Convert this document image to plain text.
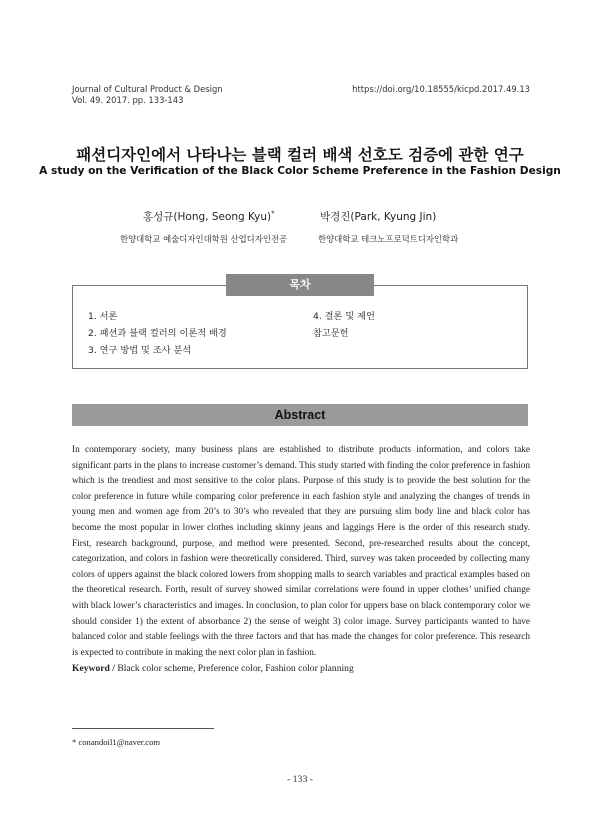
Journal of Cultural Product & Design
Vol. 49. 2017. pp. 133-143
https://doi.org/10.18555/kicpd.2017.49.13
패션디자인에서 나타나는 블랙 컬러 배색 선호도 검증에 관한 연구
A study on the Verification of the Black Color Scheme Preference in the Fashion Design
홍성규(Hong, Seong Kyu)*	박경진(Park, Kyung Jin)
한양대학교 예술디자인대학원 산업디자인전공	한양대학교 테크노프로덕트디자인학과
목차
1. 서론
2. 패션과 블랙 컬러의 이론적 배경
3. 연구 방법 및 조사 분석
4. 결론 및 제언
참고문헌
Abstract
In contemporary society, many business plans are established to distribute products information, and colors take significant parts in the plans to increase customer’s demand. This study started with finding the color preference in fashion which is the trendiest and most sensitive to the color plans. Purpose of this study is to provide the best solution for the color preference in future while comparing color preference in each fashion style and analyzing the changes of trends in young men and women age from 20’s to 30’s who revealed that they are pursuing slim body line and black color has become the most popular in lower clothes including skinny jeans and laggings Here is the order of this research study. First, research background, purpose, and method were presented. Second, pre-researched results about the concept, categorization, and colors in fashion were theoretically considered. Third, survey was taken proceeded by collecting many colors of uppers against the black colored lowers from shopping malls to search variables and practical examples based on the theoretical research. Forth, result of survey showed similar correlations were found in upper clothes’ unified change with black lower’s characteristics and images. In conclusion, to plan color for uppers base on black contemporary color we should consider 1) the extent of absorbance 2) the sense of weight 3) color image. Survey participants wanted to have balanced color and stable feelings with the three factors and that has made the changes for color preference. This research is expected to contribute in making the next color plan in fashion.
Keyword / Black color scheme, Preference color, Fashion color planning
* conandoil1@naver.com
- 133 -
